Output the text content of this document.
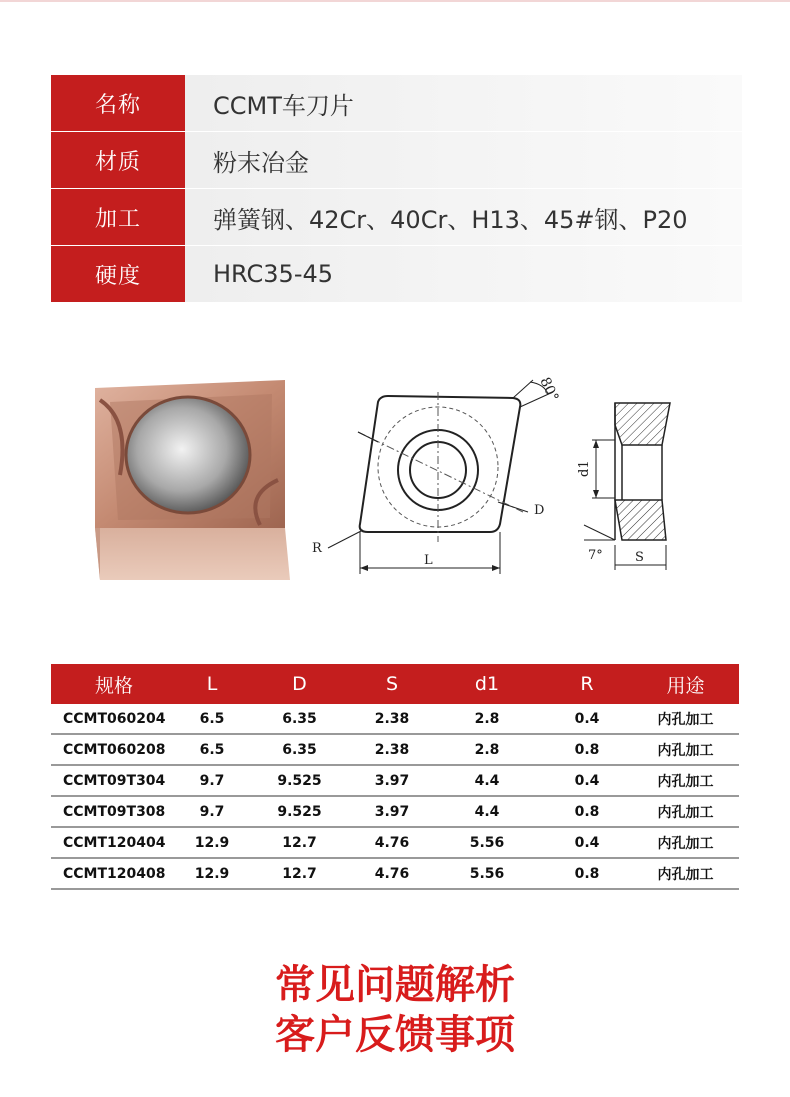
名称	CCMT车刀片
材质	粉末冶金
加工	弹簧钢、42Cr、40Cr、H13、45#钢、P20
硬度	HRC35-45
80°
D
R
L
d1
7° S
规格	L	D	S	d1	R	用途
CCMT060204	6.5	6.35	2.38	2.8	0.4	内孔加工
CCMT060208	6.5	6.35	2.38	2.8	0.8	内孔加工
CCMT09T304	9.7	9.525	3.97	4.4	0.4	内孔加工
CCMT09T308	9.7	9.525	3.97	4.4	0.8	内孔加工
CCMT120404	12.9	12.7	4.76	5.56	0.4	内孔加工
CCMT120408	12.9	12.7	4.76	5.56	0.8	内孔加工
常见问题解析
客户反馈事项
